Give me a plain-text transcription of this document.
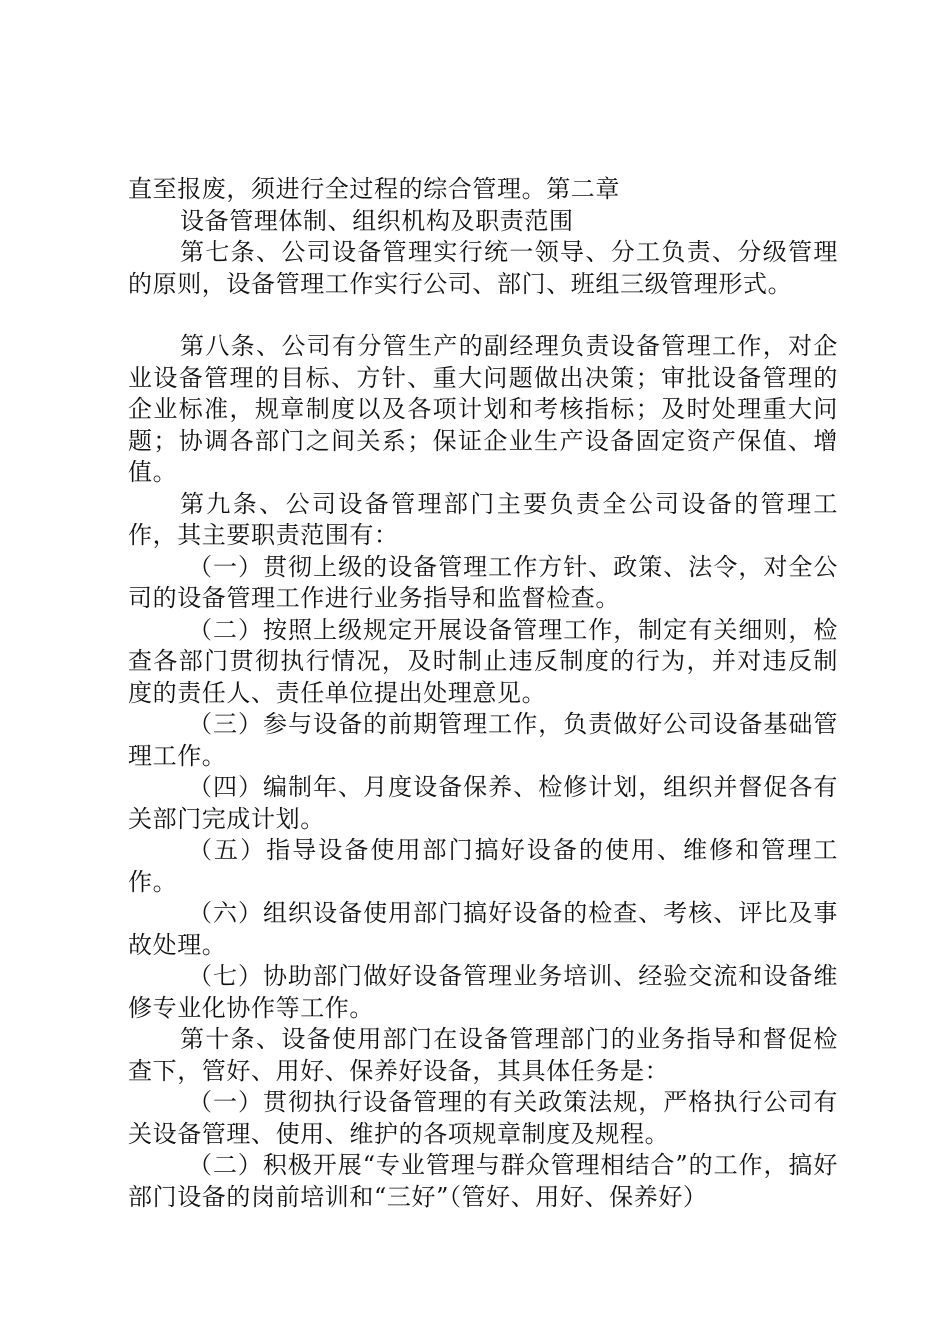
直至报废，须进行全过程的综合管理。第二章

设备管理体制、组织机构及职责范围

第七条、公司设备管理实行统一领导、分工负责、分级管理的原则，设备管理工作实行公司、部门、班组三级管理形式。

第八条、公司有分管生产的副经理负责设备管理工作，对企业设备管理的目标、方针、重大问题做出决策；审批设备管理的企业标准，规章制度以及各项计划和考核指标；及时处理重大问题；协调各部门之间关系；保证企业生产设备固定资产保值、增值。

第九条、公司设备管理部门主要负责全公司设备的管理工作，其主要职责范围有：

（一）贯彻上级的设备管理工作方针、政策、法令，对全公司的设备管理工作进行业务指导和监督检查。

（二）按照上级规定开展设备管理工作，制定有关细则，检查各部门贯彻执行情况，及时制止违反制度的行为，并对违反制度的责任人、责任单位提出处理意见。

（三）参与设备的前期管理工作，负责做好公司设备基础管理工作。

（四）编制年、月度设备保养、检修计划，组织并督促各有关部门完成计划。

（五）指导设备使用部门搞好设备的使用、维修和管理工作。

（六）组织设备使用部门搞好设备的检查、考核、评比及事故处理。

（七）协助部门做好设备管理业务培训、经验交流和设备维修专业化协作等工作。

第十条、设备使用部门在设备管理部门的业务指导和督促检查下，管好、用好、保养好设备，其具体任务是：

（一）贯彻执行设备管理的有关政策法规，严格执行公司有关设备管理、使用、维护的各项规章制度及规程。

（二）积极开展“专业管理与群众管理相结合”的工作，搞好部门设备的岗前培训和“三好”（管好、用好、保养好）
